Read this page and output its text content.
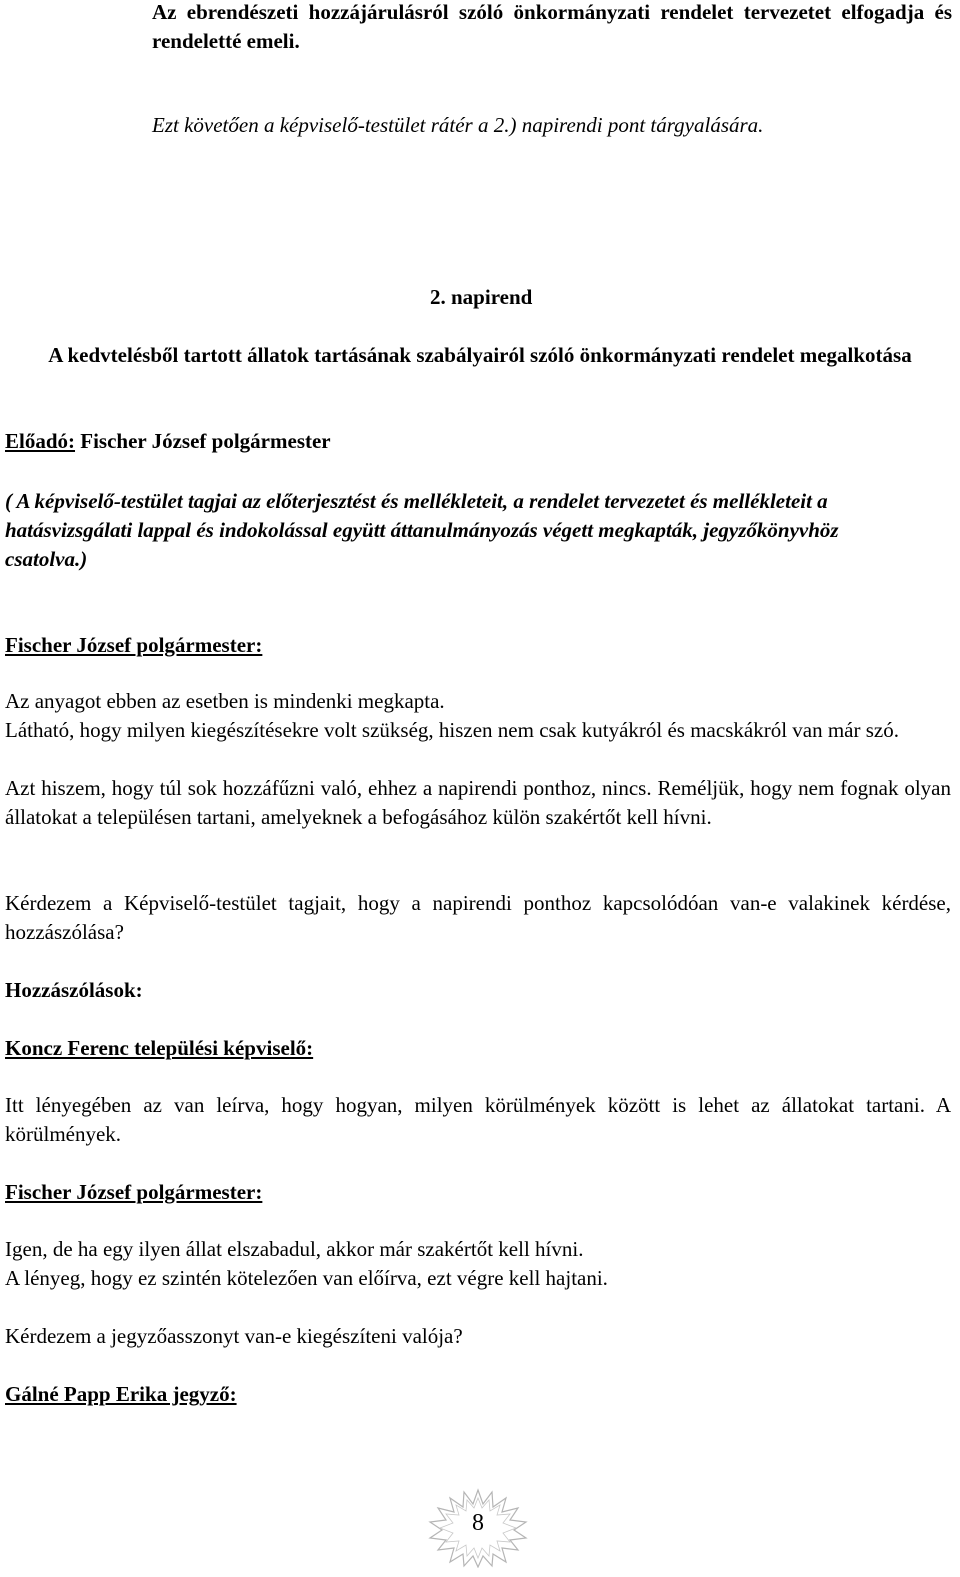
Az ebrendészeti hozzájárulásról szóló önkormányzati rendelet tervezetet elfogadja és rendeletté emeli.
Ezt követően a képviselő-testület rátér a 2.) napirendi pont tárgyalására.
2. napirend
A kedvtelésből tartott állatok tartásának szabályairól szóló önkormányzati rendelet megalkotása
Előadó: Fischer József polgármester
( A képviselő-testület tagjai az előterjesztést és mellékleteit, a rendelet tervezetet és mellékleteit a hatásvizsgálati lappal és indokolással együtt áttanulmányozás végett megkapták, jegyzőkönyvhöz csatolva.)
Fischer József polgármester:
Az anyagot ebben az esetben is mindenki megkapta.
Látható, hogy milyen kiegészítésekre volt szükség, hiszen nem csak kutyákról és macskákról van már szó.
Azt hiszem, hogy túl sok hozzáfűzni való, ehhez a napirendi ponthoz, nincs. Reméljük, hogy nem fognak olyan állatokat a településen tartani, amelyeknek a befogásához külön szakértőt kell hívni.
Kérdezem a Képviselő-testület tagjait, hogy a napirendi ponthoz kapcsolódóan van-e valakinek kérdése, hozzászólása?
Hozzászólások:
Koncz Ferenc települési képviselő:
Itt lényegében az van leírva, hogy hogyan, milyen körülmények között is lehet az állatokat tartani. A körülmények.
Fischer József polgármester:
Igen, de ha egy ilyen állat elszabadul, akkor már szakértőt kell hívni.
A lényeg, hogy ez szintén kötelezően van előírva, ezt végre kell hajtani.
Kérdezem a jegyzőasszonyt van-e kiegészíteni valója?
Gálné Papp Erika jegyző:
8
